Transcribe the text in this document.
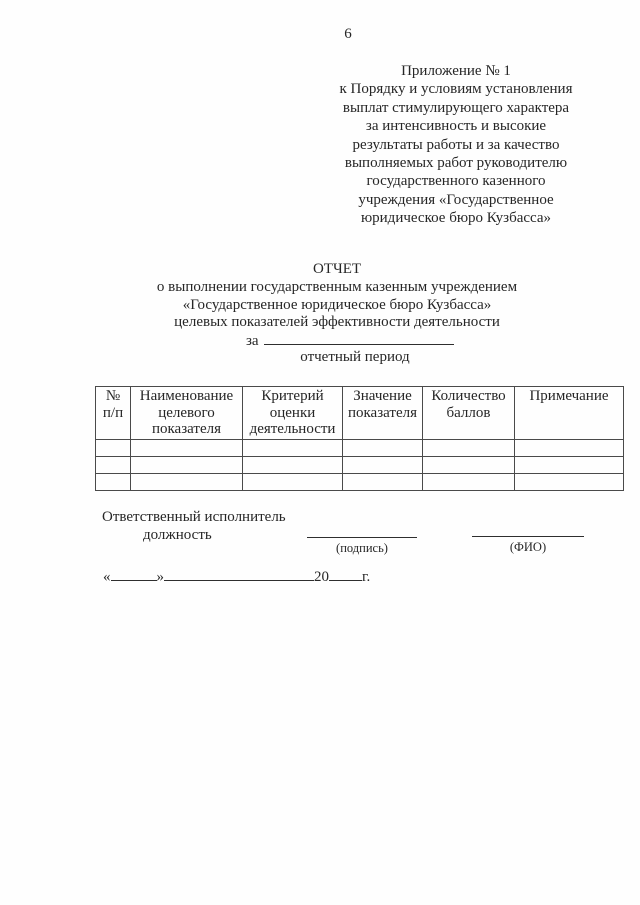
6
Приложение № 1
к Порядку и условиям установления
выплат стимулирующего характера
за интенсивность и высокие
результаты работы и за качество
выполняемых работ руководителю
государственного казенного
учреждения «Государственное
юридическое бюро Кузбасса»
ОТЧЕТ
о выполнении государственным казенным учреждением
«Государственное юридическое бюро Кузбасса»
целевых показателей эффективности деятельности
за
отчетный период
№ п/п	Наименование целевого показателя	Критерий оценки деятельности	Значение показателя	Количество баллов	Примечание

Ответственный исполнитель
должность
(подпись)	(ФИО)
«	»	20 г.
